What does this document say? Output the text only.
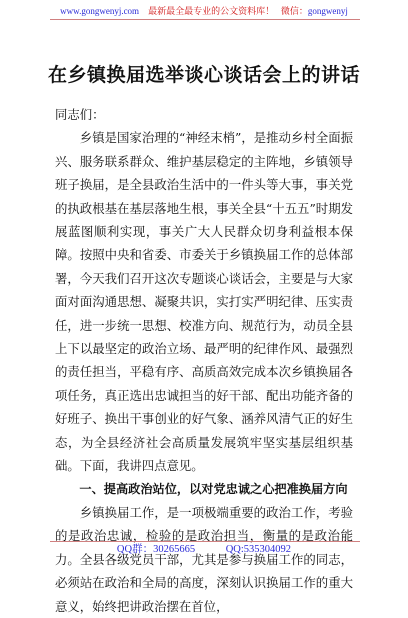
www.gongwenyj.com 最新最全最专业的公文资料库！ 微信：gongwenyj
在乡镇换届选举谈心谈话会上的讲话

同志们：

乡镇是国家治理的“神经末梢”，是推动乡村全面振兴、服务联系群众、维护基层稳定的主阵地，乡镇领导班子换届，是全县政治生活中的一件头等大事，事关党的执政根基在基层落地生根，事关全县“十五五”时期发展蓝图顺利实现，事关广大人民群众切身利益根本保障。按照中央和省委、市委关于乡镇换届工作的总体部署，今天我们召开这次专题谈心谈话会，主要是与大家面对面沟通思想、凝聚共识，实打实严明纪律、压实责任，进一步统一思想、校准方向、规范行为，动员全县上下以最坚定的政治立场、最严明的纪律作风、最强烈的责任担当，平稳有序、高质高效完成本次乡镇换届各项任务，真正选出忠诚担当的好干部、配出功能齐备的好班子、换出干事创业的好气象、涵养风清气正的好生态，为全县经济社会高质量发展筑牢坚实基层组织基础。下面，我讲四点意见。

一、提高政治站位，以对党忠诚之心把准换届方向

乡镇换届工作，是一项极端重要的政治工作，考验的是政治忠诚，检验的是政治担当，衡量的是政治能力。全县各级党员干部，尤其是参与换届工作的同志，必须站在政治和全局的高度，深刻认识换届工作的重大意义，始终把讲政治摆在首位，

QQ群：30265665	QQ:535304092
